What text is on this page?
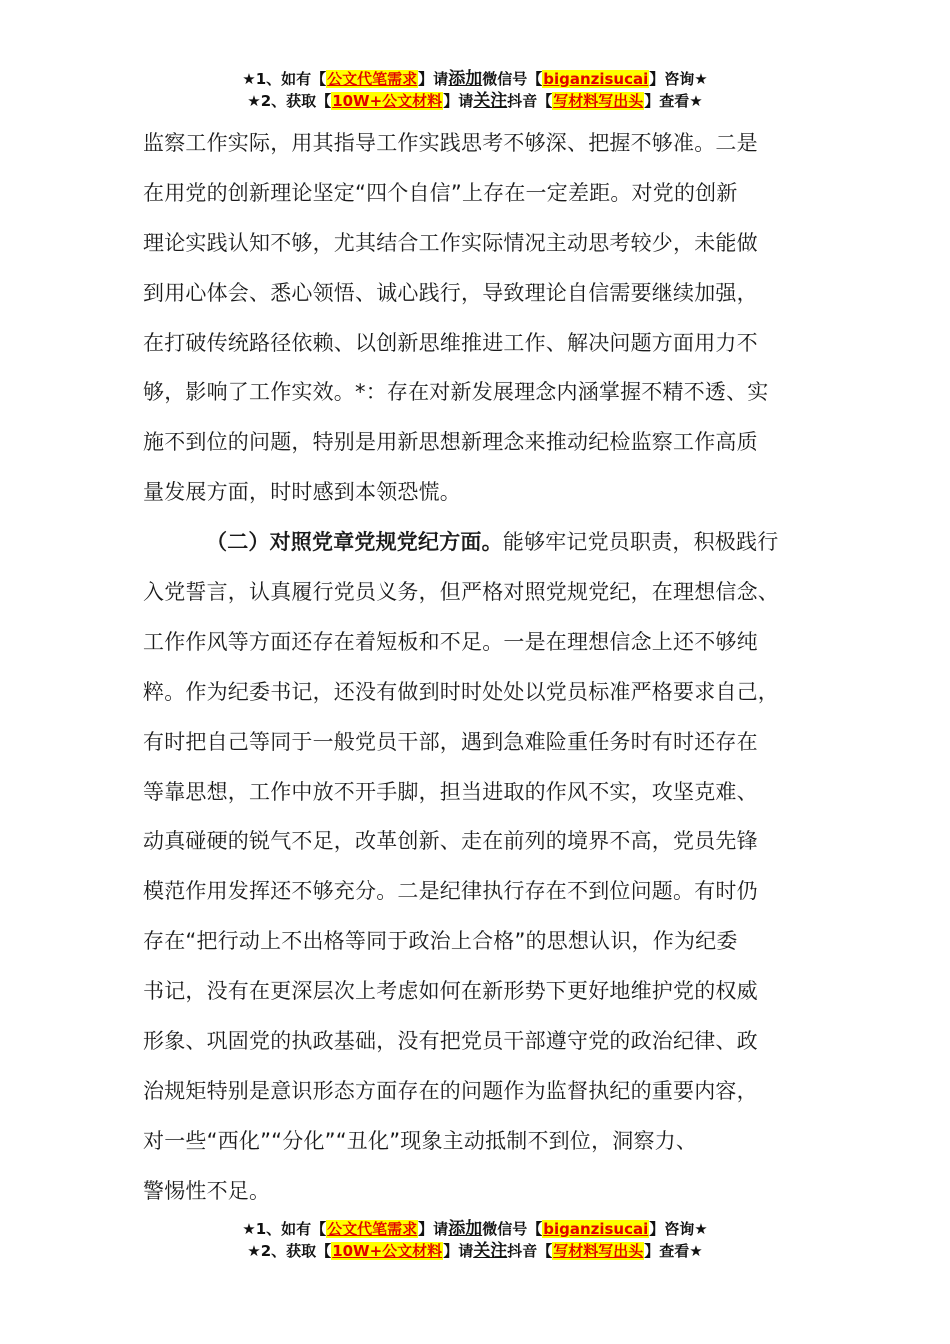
★1、如有【公文代笔需求】请添加微信号【biganzisucai】咨询★
★2、获取【10W+公文材料】请关注抖音【写材料写出头】查看★
监察工作实际，用其指导工作实践思考不够深、把握不够准。二是
在用党的创新理论坚定“四个自信”上存在一定差距。对党的创新
理论实践认知不够，尤其结合工作实际情况主动思考较少，未能做
到用心体会、悉心领悟、诚心践行，导致理论自信需要继续加强，
在打破传统路径依赖、以创新思维推进工作、解决问题方面用力不
够，影响了工作实效。*：存在对新发展理念内涵掌握不精不透、实
施不到位的问题，特别是用新思想新理念来推动纪检监察工作高质
量发展方面，时时感到本领恐慌。
（二）对照党章党规党纪方面。能够牢记党员职责，积极践行
入党誓言，认真履行党员义务，但严格对照党规党纪，在理想信念、
工作作风等方面还存在着短板和不足。一是在理想信念上还不够纯
粹。作为纪委书记，还没有做到时时处处以党员标准严格要求自己，
有时把自己等同于一般党员干部，遇到急难险重任务时有时还存在
等靠思想，工作中放不开手脚，担当进取的作风不实，攻坚克难、
动真碰硬的锐气不足，改革创新、走在前列的境界不高，党员先锋
模范作用发挥还不够充分。二是纪律执行存在不到位问题。有时仍
存在“把行动上不出格等同于政治上合格”的思想认识，作为纪委
书记，没有在更深层次上考虑如何在新形势下更好地维护党的权威
形象、巩固党的执政基础，没有把党员干部遵守党的政治纪律、政
治规矩特别是意识形态方面存在的问题作为监督执纪的重要内容，
对一些“西化”“分化”“丑化”现象主动抵制不到位，洞察力、
警惕性不足。
★1、如有【公文代笔需求】请添加微信号【biganzisucai】咨询★
★2、获取【10W+公文材料】请关注抖音【写材料写出头】查看★
